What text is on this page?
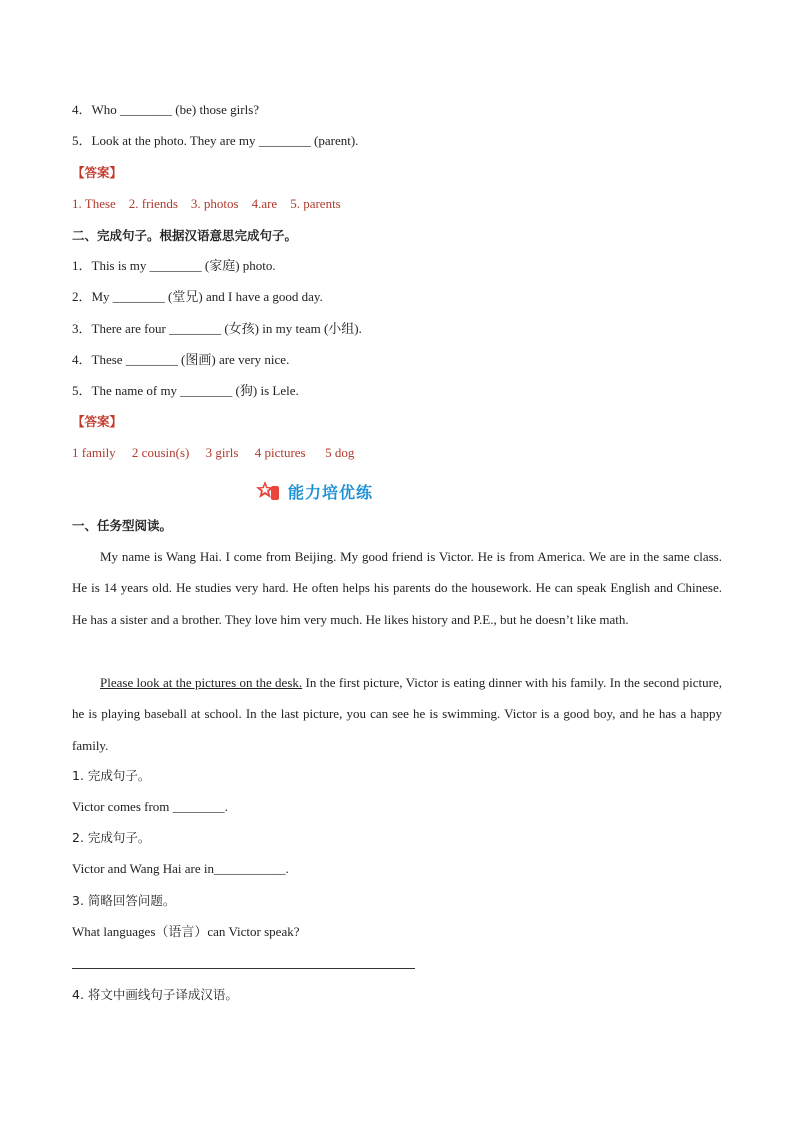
4．Who ________ (be) those girls?
5．Look at the photo. They are my ________ (parent).
【答案】
1. These    2. friends    3. photos    4.are    5. parents
二、完成句子。根据汉语意思完成句子。
1．This is my ________ (家庭) photo.
2．My ________ (堂兄) and I have a good day.
3．There are four ________ (女孩) in my team (小组).
4．These ________ (图画) are very nice.
5．The name of my ________ (狗) is Lele.
【答案】
1 family     2 cousin(s)     3 girls     4 pictures      5 dog
一、任务型阅读。
My name is Wang Hai. I come from Beijing. My good friend is Victor. He is from America. We are in the same class. He is 14 years old. He studies very hard. He often helps his parents do the housework. He can speak English and Chinese. He has a sister and a brother. They love him very much. He likes history and P.E., but he doesn’t like math.
Please look at the pictures on the desk. In the first picture, Victor is eating dinner with his family. In the second picture, he is playing baseball at school. In the last picture, you can see he is swimming. Victor is a good boy, and he has a happy family.
1. 完成句子。
Victor comes from ________.
2. 完成句子。
Victor and Wang Hai are in___________.
3. 简略回答问题。
What languages（语言）can Victor speak?
4. 将文中画线句子译成汉语。
能力培优练
